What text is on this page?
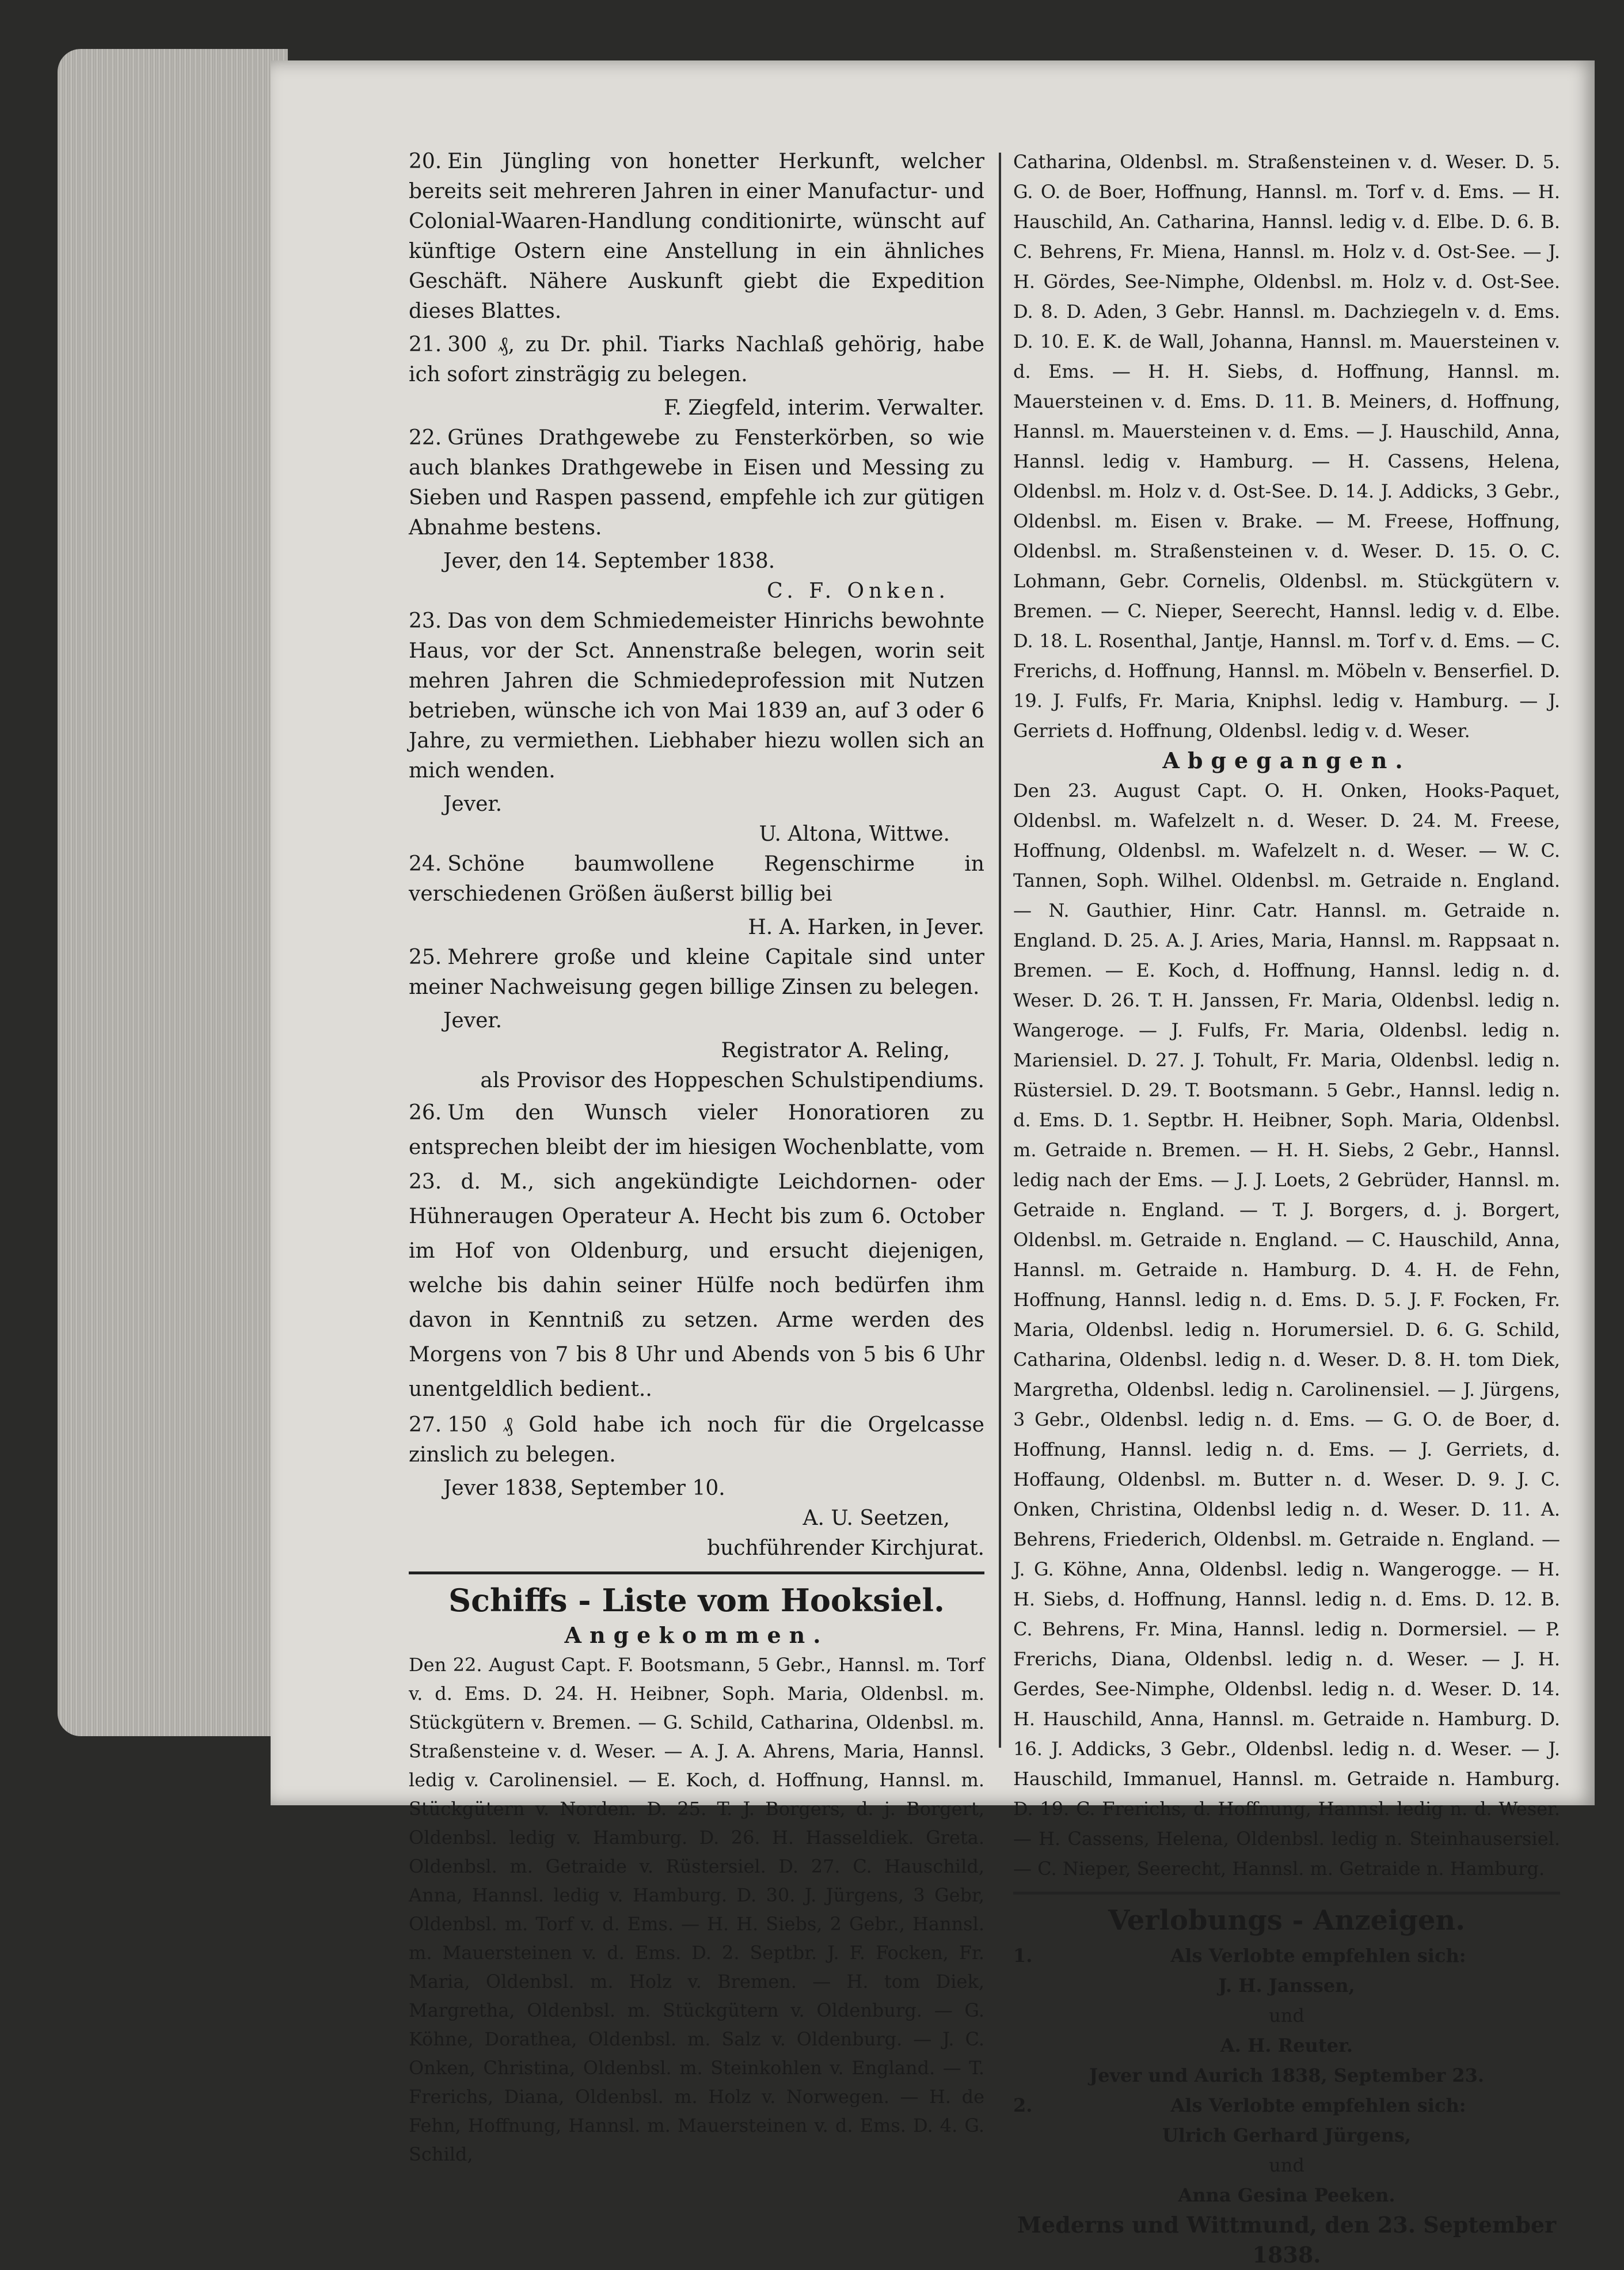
20. Ein Jüngling von honetter Herkunft, welcher bereits seit mehreren Jahren in einer Manufactur- und Colonial-Waaren-Handlung conditionirte, wünscht auf künftige Ostern eine Anstellung in ein ähnliches Geschäft. Nähere Auskunft giebt die Expedition dieses Blattes.

21. 300 ₰, zu Dr. phil. Tiarks Nachlaß gehörig, habe ich sofort zinsträgig zu belegen.

F. Ziegfeld, interim. Verwalter.

22. Grünes Drathgewebe zu Fensterkörben, so wie auch blankes Drathgewebe in Eisen und Messing zu Sieben und Raspen passend, empfehle ich zur gütigen Abnahme bestens.

Jever, den 14. September 1838.

C. F. Onken.

23. Das von dem Schmiedemeister Hinrichs bewohnte Haus, vor der Sct. Annenstraße belegen, worin seit mehren Jahren die Schmiedeprofession mit Nutzen betrieben, wünsche ich von Mai 1839 an, auf 3 oder 6 Jahre, zu vermiethen. Liebhaber hiezu wollen sich an mich wenden.

Jever.

U. Altona, Wittwe.

24. Schöne baumwollene Regenschirme in verschiedenen Größen äußerst billig bei

H. A. Harken, in Jever.

25. Mehrere große und kleine Capitale sind unter meiner Nachweisung gegen billige Zinsen zu belegen.

Jever.

Registrator A. Reling,

als Provisor des Hoppeschen Schulstipendiums.

26. Um den Wunsch vieler Honoratioren zu entsprechen bleibt der im hiesigen Wochenblatte, vom 23. d. M., sich angekündigte Leichdornen- oder Hühneraugen Operateur A. Hecht bis zum 6. October im Hof von Oldenburg, und ersucht diejenigen, welche bis dahin seiner Hülfe noch bedürfen ihm davon in Kenntniß zu setzen. Arme werden des Morgens von 7 bis 8 Uhr und Abends von 5 bis 6 Uhr unentgeldlich bedient..

27. 150 ₰ Gold habe ich noch für die Orgelcasse zinslich zu belegen.

Jever 1838, September 10.

A. U. Seetzen,

buchführender Kirchjurat.

Schiffs - Liste vom Hooksiel.
Angekommen.

Den 22. August Capt. F. Bootsmann, 5 Gebr., Hannsl. m. Torf v. d. Ems. D. 24. H. Heibner, Soph. Maria, Oldenbsl. m. Stückgütern v. Bremen. — G. Schild, Catharina, Oldenbsl. m. Straßensteine v. d. Weser. — A. J. A. Ahrens, Maria, Hannsl. ledig v. Carolinensiel. — E. Koch, d. Hoffnung, Hannsl. m. Stückgütern v. Norden. D. 25. T. J. Borgers, d. j. Borgert, Oldenbsl. ledig v. Hamburg. D. 26. H. Hasseldiek. Greta. Oldenbsl. m. Getraide v. Rüstersiel. D. 27. C. Hauschild, Anna, Hannsl. ledig v. Hamburg. D. 30. J. Jürgens, 3 Gebr, Oldenbsl. m. Torf v. d. Ems. — H. H. Siebs, 2 Gebr., Hannsl. m. Mauersteinen v. d. Ems. D. 2. Septbr. J. F. Focken, Fr. Maria, Oldenbsl. m. Holz v. Bremen. — H. tom Diek, Margretha, Oldenbsl. m. Stückgütern v. Oldenburg. — G. Köhne, Dorathea, Oldenbsl. m. Salz v. Oldenburg. — J. C. Onken, Christina, Oldenbsl. m. Steinkohlen v. England. — T. Frerichs, Diana, Oldenbsl. m. Holz v. Norwegen. — H. de Fehn, Hoffnung, Hannsl. m. Mauersteinen v. d. Ems. D. 4. G. Schild,

Catharina, Oldenbsl. m. Straßensteinen v. d. Weser. D. 5. G. O. de Boer, Hoffnung, Hannsl. m. Torf v. d. Ems. — H. Hauschild, An. Catharina, Hannsl. ledig v. d. Elbe. D. 6. B. C. Behrens, Fr. Miena, Hannsl. m. Holz v. d. Ost-See. — J. H. Gördes, See-Nimphe, Oldenbsl. m. Holz v. d. Ost-See. D. 8. D. Aden, 3 Gebr. Hannsl. m. Dachziegeln v. d. Ems. D. 10. E. K. de Wall, Johanna, Hannsl. m. Mauersteinen v. d. Ems. — H. H. Siebs, d. Hoffnung, Hannsl. m. Mauersteinen v. d. Ems. D. 11. B. Meiners, d. Hoffnung, Hannsl. m. Mauersteinen v. d. Ems. — J. Hauschild, Anna, Hannsl. ledig v. Hamburg. — H. Cassens, Helena, Oldenbsl. m. Holz v. d. Ost-See. D. 14. J. Addicks, 3 Gebr., Oldenbsl. m. Eisen v. Brake. — M. Freese, Hoffnung, Oldenbsl. m. Straßensteinen v. d. Weser. D. 15. O. C. Lohmann, Gebr. Cornelis, Oldenbsl. m. Stückgütern v. Bremen. — C. Nieper, Seerecht, Hannsl. ledig v. d. Elbe. D. 18. L. Rosenthal, Jantje, Hannsl. m. Torf v. d. Ems. — C. Frerichs, d. Hoffnung, Hannsl. m. Möbeln v. Benserfiel. D. 19. J. Fulfs, Fr. Maria, Kniphsl. ledig v. Hamburg. — J. Gerriets d. Hoffnung, Oldenbsl. ledig v. d. Weser.

Abgegangen.

Den 23. August Capt. O. H. Onken, Hooks-Paquet, Oldenbsl. m. Wafelzelt n. d. Weser. D. 24. M. Freese, Hoffnung, Oldenbsl. m. Wafelzelt n. d. Weser. — W. C. Tannen, Soph. Wilhel. Oldenbsl. m. Getraide n. England. — N. Gauthier, Hinr. Catr. Hannsl. m. Getraide n. England. D. 25. A. J. Aries, Maria, Hannsl. m. Rappsaat n. Bremen. — E. Koch, d. Hoffnung, Hannsl. ledig n. d. Weser. D. 26. T. H. Janssen, Fr. Maria, Oldenbsl. ledig n. Wangeroge. — J. Fulfs, Fr. Maria, Oldenbsl. ledig n. Mariensiel. D. 27. J. Tohult, Fr. Maria, Oldenbsl. ledig n. Rüstersiel. D. 29. T. Bootsmann. 5 Gebr., Hannsl. ledig n. d. Ems. D. 1. Septbr. H. Heibner, Soph. Maria, Oldenbsl. m. Getraide n. Bremen. — H. H. Siebs, 2 Gebr., Hannsl. ledig nach der Ems. — J. J. Loets, 2 Gebrüder, Hannsl. m. Getraide n. England. — T. J. Borgers, d. j. Borgert, Oldenbsl. m. Getraide n. England. — C. Hauschild, Anna, Hannsl. m. Getraide n. Hamburg. D. 4. H. de Fehn, Hoffnung, Hannsl. ledig n. d. Ems. D. 5. J. F. Focken, Fr. Maria, Oldenbsl. ledig n. Horumersiel. D. 6. G. Schild, Catharina, Oldenbsl. ledig n. d. Weser. D. 8. H. tom Diek, Margretha, Oldenbsl. ledig n. Carolinensiel. — J. Jürgens, 3 Gebr., Oldenbsl. ledig n. d. Ems. — G. O. de Boer, d. Hoffnung, Hannsl. ledig n. d. Ems. — J. Gerriets, d. Hoffaung, Oldenbsl. m. Butter n. d. Weser. D. 9. J. C. Onken, Christina, Oldenbsl ledig n. d. Weser. D. 11. A. Behrens, Friederich, Oldenbsl. m. Getraide n. England. — J. G. Köhne, Anna, Oldenbsl. ledig n. Wangerogge. — H. H. Siebs, d. Hoffnung, Hannsl. ledig n. d. Ems. D. 12. B. C. Behrens, Fr. Mina, Hannsl. ledig n. Dormersiel. — P. Frerichs, Diana, Oldenbsl. ledig n. d. Weser. — J. H. Gerdes, See-Nimphe, Oldenbsl. ledig n. d. Weser. D. 14. H. Hauschild, Anna, Hannsl. m. Getraide n. Hamburg. D. 16. J. Addicks, 3 Gebr., Oldenbsl. ledig n. d. Weser. — J. Hauschild, Immanuel, Hannsl. m. Getraide n. Hamburg. D. 19. C. Frerichs, d. Hoffnung, Hannsl. ledig n. d. Weser. — H. Cassens, Helena, Oldenbsl. ledig n. Steinhausersiel. — C. Nieper, Seerecht, Hannsl. m. Getraide n. Hamburg.

Verlobungs - Anzeigen.
1.	Als Verlobte empfehlen sich:
J. H. Janssen,
und
A. H. Reuter.
Jever und Aurich 1838, September 23.
2.	Als Verlobte empfehlen sich:
Ulrich Gerhard Jürgens,
und
Anna Gesina Peeken.
Mederns und Wittmund, den 23. September 1838.
